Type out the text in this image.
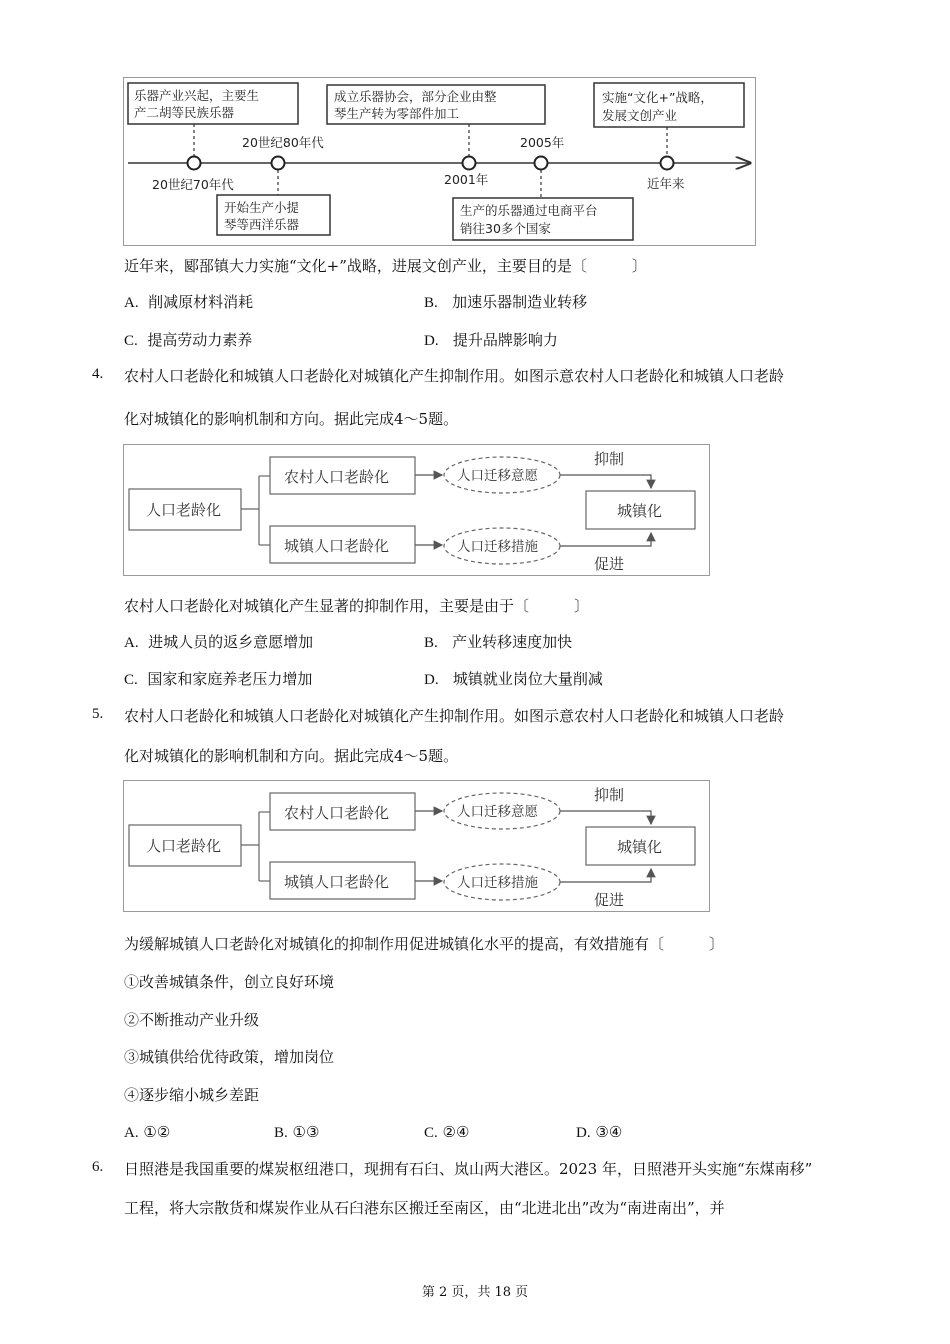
乐器产业兴起，主要生
产二胡等民族乐器
成立乐器协会，部分企业由整
琴生产转为零部件加工
实施“文化+”战略，
发展文创产业
开始生产小提
琴等西洋乐器
生产的乐器通过电商平台
销往30多个国家
20世纪70年代
20世纪80年代
2001年
2005年
近年来
近年来，郾郚镇大力实施“文化+”战略，进展文创产业，主要目的是〔　　　〕
A. 削减原材料消耗	B. 加速乐器制造业转移
C. 提高劳动力素养	D. 提升品牌影响力
4. 农村人口老龄化和城镇人口老龄化对城镇化产生抑制作用。如图示意农村人口老龄化和城镇人口老龄
化对城镇化的影响机制和方向。据此完成4～5题。
人口老龄化
农村人口老龄化
城镇人口老龄化
人口迁移意愿
人口迁移措施
城镇化
抑制
促进
农村人口老龄化对城镇化产生显著的抑制作用，主要是由于〔　　　〕
A. 进城人员的返乡意愿增加	B. 产业转移速度加快
C. 国家和家庭养老压力增加	D. 城镇就业岗位大量削减
5. 农村人口老龄化和城镇人口老龄化对城镇化产生抑制作用。如图示意农村人口老龄化和城镇人口老龄
化对城镇化的影响机制和方向。据此完成4～5题。
人口老龄化
农村人口老龄化
城镇人口老龄化
人口迁移意愿
人口迁移措施
城镇化
抑制
促进
为缓解城镇人口老龄化对城镇化的抑制作用促进城镇化水平的提高，有效措施有〔　　　〕
①改善城镇条件，创立良好环境
②不断推动产业升级
③城镇供给优待政策，增加岗位
④逐步缩小城乡差距
A. ①②	B. ①③	C. ②④	D. ③④
6. 日照港是我国重要的煤炭枢纽港口，现拥有石臼、岚山两大港区。2023 年，日照港开头实施“东煤南移”
工程，将大宗散货和煤炭作业从石臼港东区搬迁至南区，由“北进北出”改为“南进南出”，并
第 2 页，共 18 页
